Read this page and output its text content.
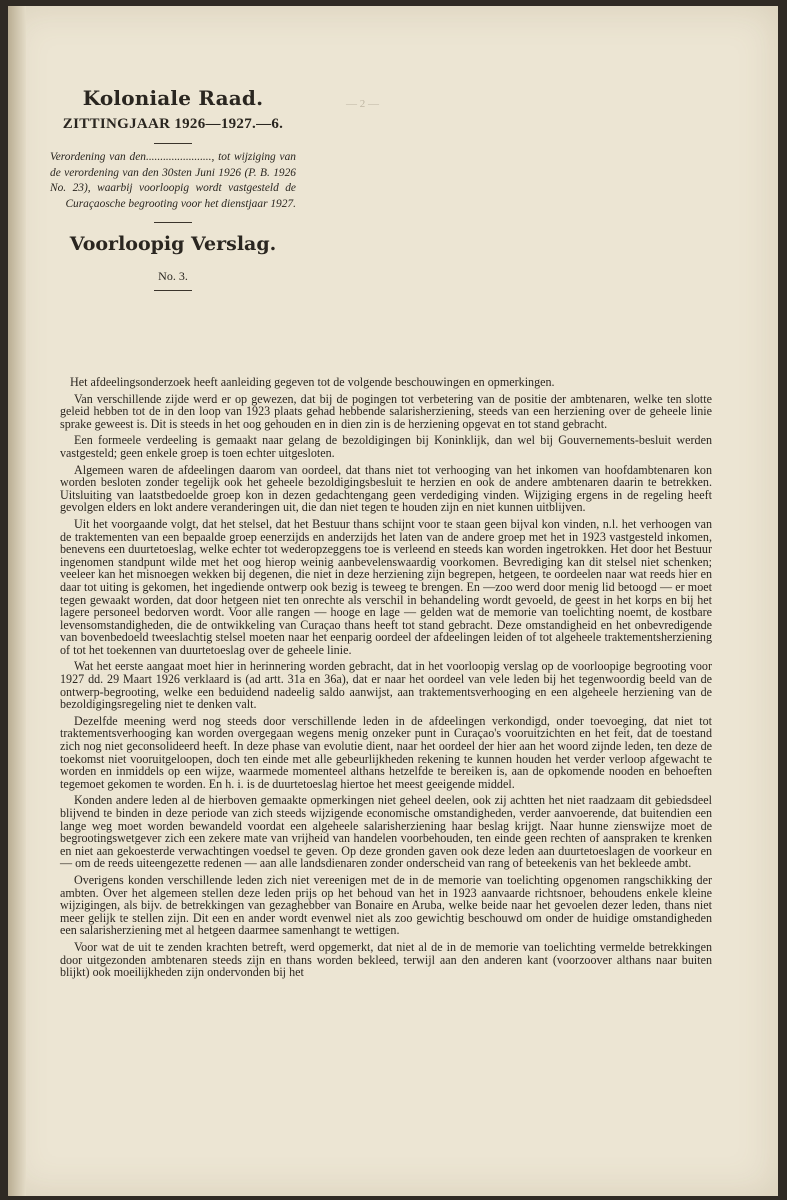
— 2 —
Koloniale Raad.
ZITTINGJAAR 1926—1927.—6.

Verordening van den......................., tot wijziging van de verordening van den 30sten Juni 1926 (P. B. 1926 No. 23), waarbij voorloopig wordt vastgesteld de Curaçaosche begrooting voor het dienstjaar 1927.

Voorloopig Verslag.
No. 3.

Het afdeelingsonderzoek heeft aanleiding gegeven tot de volgende beschouwingen en opmerkingen.

Van verschillende zijde werd er op gewezen, dat bij de pogingen tot verbetering van de positie der ambtenaren, welke ten slotte geleid hebben tot de in den loop van 1923 plaats gehad hebbende salarisherziening, steeds van een herziening over de geheele linie sprake geweest is. Dit is steeds in het oog gehouden en in dien zin is de herziening opgevat en tot stand gebracht.

Een formeele verdeeling is gemaakt naar gelang de bezoldigingen bij Koninklijk, dan wel bij Gouvernements-besluit werden vastgesteld; geen enkele groep is toen echter uitgesloten.

Algemeen waren de afdeelingen daarom van oordeel, dat thans niet tot verhooging van het inkomen van hoofdambtenaren kon worden besloten zonder tegelijk ook het geheele bezoldigingsbesluit te herzien en ook de andere ambtenaren daarin te betrekken. Uitsluiting van laatstbedoelde groep kon in dezen gedachtengang geen verdediging vinden. Wijziging ergens in de regeling heeft gevolgen elders en lokt andere veranderingen uit, die dan niet tegen te houden zijn en niet kunnen uitblijven.

Uit het voorgaande volgt, dat het stelsel, dat het Bestuur thans schijnt voor te staan geen bijval kon vinden, n.l. het verhoogen van de traktementen van een bepaalde groep eenerzijds en anderzijds het laten van de andere groep met het in 1923 vastgesteld inkomen, benevens een duurtetoeslag, welke echter tot wederopzeggens toe is verleend en steeds kan worden ingetrokken. Het door het Bestuur ingenomen standpunt wilde met het oog hierop weinig aanbevelenswaardig voorkomen. Bevrediging kan dit stelsel niet schenken; veeleer kan het misnoegen wekken bij degenen, die niet in deze herziening zijn begrepen, hetgeen, te oordeelen naar wat reeds hier en daar tot uiting is gekomen, het ingediende ontwerp ook bezig is teweeg te brengen. En —zoo werd door menig lid betoogd — er moet tegen gewaakt worden, dat door hetgeen niet ten onrechte als verschil in behandeling wordt gevoeld, de geest in het korps en bij het lagere personeel bedorven wordt. Voor alle rangen — hooge en lage — gelden wat de memorie van toelichting noemt, de kostbare levensomstandigheden, die de ontwikkeling van Curaçao thans heeft tot stand gebracht. Deze omstandigheid en het onbevredigende van bovenbedoeld tweeslachtig stelsel moeten naar het eenparig oordeel der afdeelingen leiden of tot algeheele traktementsherziening of tot het toekennen van duurtetoeslag over de geheele linie.

Wat het eerste aangaat moet hier in herinnering worden gebracht, dat in het voorloopig verslag op de voorloopige begrooting voor 1927 dd. 29 Maart 1926 verklaard is (ad artt. 31a en 36a), dat er naar het oordeel van vele leden bij het tegenwoordig beeld van de ontwerp-begrooting, welke een beduidend nadeelig saldo aanwijst, aan traktementsverhooging en een algeheele herziening van de bezoldigingsregeling niet te denken valt.

Dezelfde meening werd nog steeds door verschillende leden in de afdeelingen verkondigd, onder toevoeging, dat niet tot traktementsverhooging kan worden overgegaan wegens menig onzeker punt in Curaçao's vooruitzichten en het feit, dat de toestand zich nog niet geconsolideerd heeft. In deze phase van evolutie dient, naar het oordeel der hier aan het woord zijnde leden, ten deze de toekomst niet vooruitgeloopen, doch ten einde met alle gebeurlijkheden rekening te kunnen houden het verder verloop afgewacht te worden en inmiddels op een wijze, waarmede momenteel althans hetzelfde te bereiken is, aan de opkomende nooden en behoeften tegemoet gekomen te worden. En h. i. is de duurtetoeslag hiertoe het meest geeigende middel.

Konden andere leden al de hierboven gemaakte opmerkingen niet geheel deelen, ook zij achtten het niet raadzaam dit gebiedsdeel blijvend te binden in deze periode van zich steeds wijzigende economische omstandigheden, verder aanvoerende, dat buitendien een lange weg moet worden bewandeld voordat een algeheele salarisherziening haar beslag krijgt. Naar hunne zienswijze moet de begrootingswetgever zich een zekere mate van vrijheid van handelen voorbehouden, ten einde geen rechten of aanspraken te krenken en niet aan gekoesterde verwachtingen voedsel te geven. Op deze gronden gaven ook deze leden aan duurtetoeslagen de voorkeur en — om de reeds uiteengezette redenen — aan alle landsdienaren zonder onderscheid van rang of beteekenis van het bekleede ambt.

Overigens konden verschillende leden zich niet vereenigen met de in de memorie van toelichting opgenomen rangschikking der ambten. Over het algemeen stellen deze leden prijs op het behoud van het in 1923 aanvaarde richtsnoer, behoudens enkele kleine wijzigingen, als bijv. de betrekkingen van gezaghebber van Bonaire en Aruba, welke beide naar het gevoelen dezer leden, thans niet meer gelijk te stellen zijn. Dit een en ander wordt evenwel niet als zoo gewichtig beschouwd om onder de huidige omstandigheden een salarisherziening met al hetgeen daarmee samenhangt te wettigen.

Voor wat de uit te zenden krachten betreft, werd opgemerkt, dat niet al de in de memorie van toelichting vermelde betrekkingen door uitgezonden ambtenaren steeds zijn en thans worden bekleed, terwijl aan den anderen kant (voorzoover althans naar buiten blijkt) ook moeilijkheden zijn ondervonden bij het
